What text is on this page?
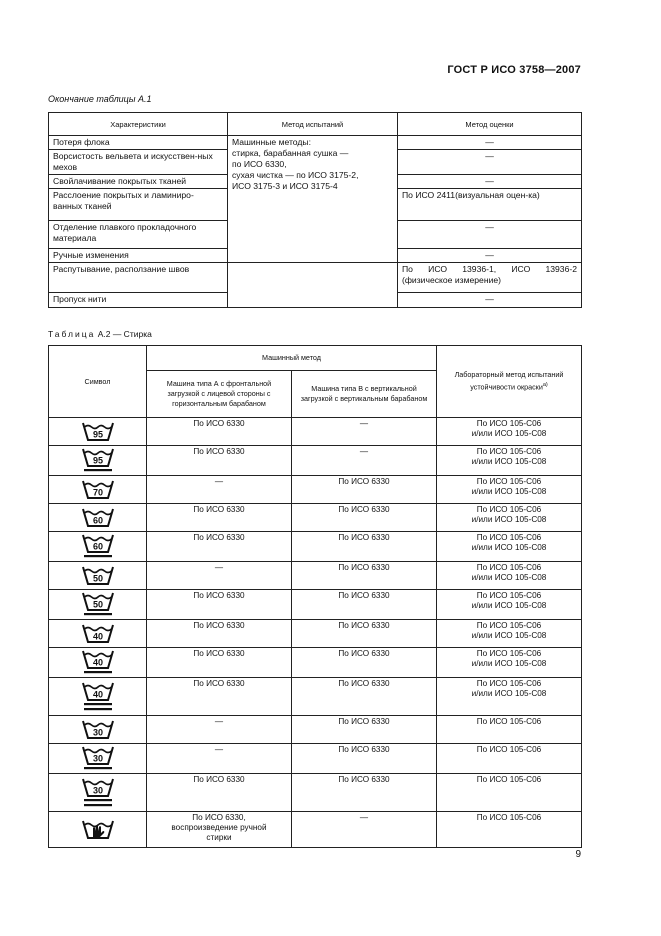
ГОСТ Р ИСО 3758—2007
Окончание таблицы А.1
Характеристики	Метод испытаний	Метод оценки
Потеря флока	Машинные методы:
стирка, барабанная сушка —
по ИСО 6330,
сухая чистка — по ИСО 3175-2,
ИСО 3175-3 и ИСО 3175-4	—
Ворсистость вельвета и искусствен-ных мехов		—
Свойлачивание покрытых тканей		—
Расслоение покрытых и ламиниро-ванных тканей		По ИСО 2411(визуальная оцен-ка)
Отделение плавкого прокладочного материала		—
Ручные изменения		—
Распутывание, расползание швов		По ИСО 13936-1, ИСО 13936-2 (физическое измерение)
Пропуск нити		—
Таблица А.2 — Стирка
Символ	Машинный метод		Лабораторный метод испытаний устойчивости окраски$^{a)}$
	Машина типа А с фронтальной загрузкой с лицевой стороны с горизонтальным барабаном	Машина типа В с вертикальной загрузкой с вертикальным барабаном	

95	По ИСО 6330	—	По ИСО 105-С06
и/или ИСО 105-С08

95	По ИСО 6330	—	По ИСО 105-С06
и/или ИСО 105-С08

70	—	По ИСО 6330	По ИСО 105-С06
и/или ИСО 105-С08

60	По ИСО 6330	По ИСО 6330	По ИСО 105-С06
и/или ИСО 105-С08

60	По ИСО 6330	По ИСО 6330	По ИСО 105-С06
и/или ИСО 105-С08

50	—	По ИСО 6330	По ИСО 105-С06
и/или ИСО 105-С08

50	По ИСО 6330	По ИСО 6330	По ИСО 105-С06
и/или ИСО 105-С08

40	По ИСО 6330	По ИСО 6330	По ИСО 105-С06
и/или ИСО 105-С08

40	По ИСО 6330	По ИСО 6330	По ИСО 105-С06
и/или ИСО 105-С08

40	По ИСО 6330	По ИСО 6330	По ИСО 105-С06
и/или ИСО 105-С08

30	—	По ИСО 6330	По ИСО 105-С06

30	—	По ИСО 6330	По ИСО 105-С06

30	По ИСО 6330	По ИСО 6330	По ИСО 105-С06

	По ИСО 6330,
воспроизведение ручной
стирки	—	По ИСО 105-С06
9
